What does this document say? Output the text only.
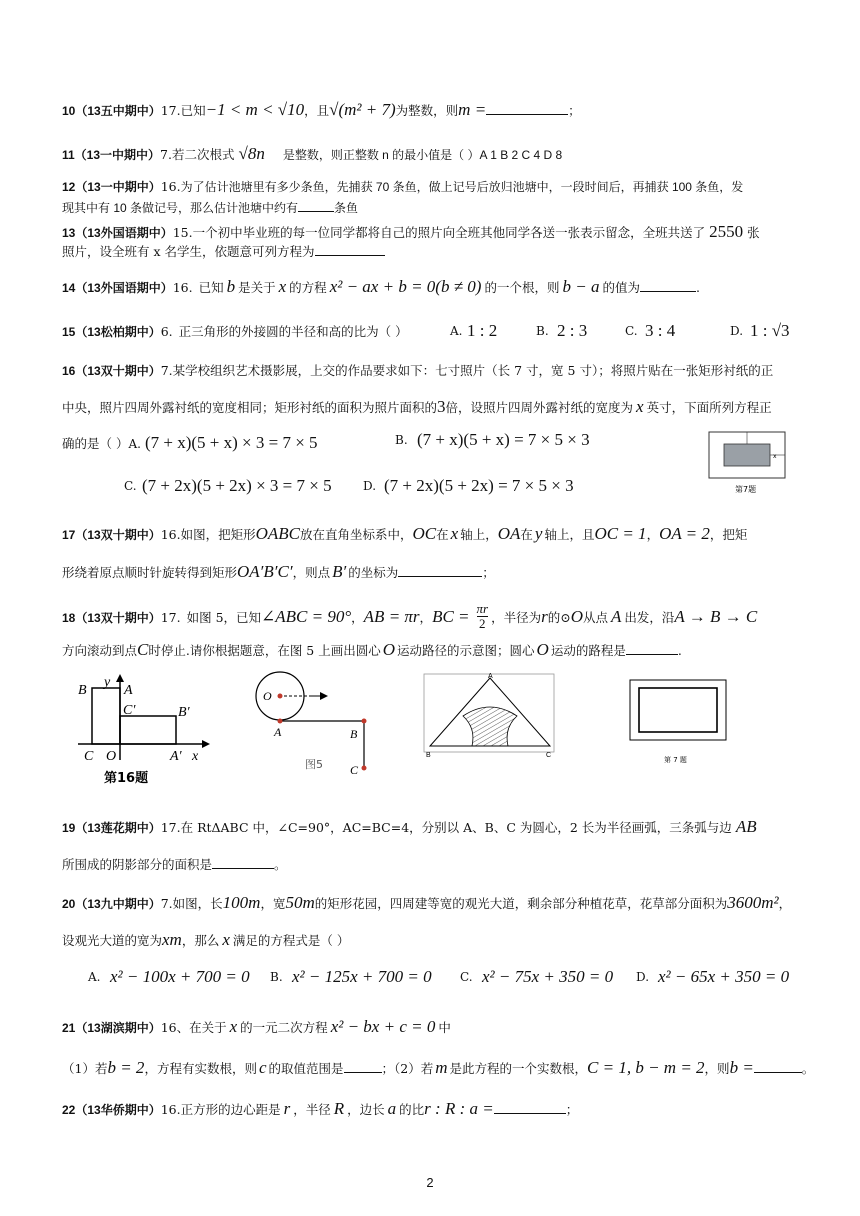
10（13五中期中）17.已知−1 < m < √10，且√(m² + 7)为整数，则m =	；
11（13一中期中）7.若二次根式 √8n 是整数，则正整数 n 的最小值是（ ）A 1 B 2 C 4 D 8
12（13一中期中）16.为了估计池塘里有多少条鱼，先捕获 70 条鱼，做上记号后放归池塘中，一段时间后，再捕获 100 条鱼，发
现其中有 10 条做记号，那么估计池塘中约有	条鱼
13（13外国语期中）15.一个初中毕业班的每一位同学都将自己的照片向全班其他同学各送一张表示留念，全班共送了 2550 张
照片，设全班有 x 名学生，依题意可列方程为
14（13外国语期中）16. 已知 b 是关于 x 的方程 x² − ax + b = 0(b ≠ 0) 的一个根，则 b − a 的值为	.
15（13松柏期中）6. 正三角形的外接圆的半径和高的比为（ ）	A. 1 : 2	B. 2 : 3	C. 3 : 4	D. 1 : √3
16（13双十期中）7.某学校组织艺术摄影展，上交的作品要求如下：七寸照片（长 7 寸，宽 5 寸）；将照片贴在一张矩形衬纸的正
中央，照片四周外露衬纸的宽度相同；矩形衬纸的面积为照片面积的3倍，设照片四周外露衬纸的宽度为 x 英寸，下面所列方程正
确的是（ ）A. (7 + x)(5 + x) × 3 = 7 × 5	B. (7 + x)(5 + x) = 7 × 5 × 3
C. (7 + 2x)(5 + 2x) × 3 = 7 × 5	D. (7 + 2x)(5 + 2x) = 7 × 5 × 3
x
第7题
17（13双十期中）16.如图，把矩形OABC放在直角坐标系中，OC在 x 轴上，OA在 y 轴上，且OC = 1，OA = 2，把矩
形绕着原点顺时针旋转得到矩形OA′B′C′，则点 B′ 的坐标为	；
18（13双十期中）17. 如图 5，已知∠ABC = 90°，AB = πr，BC = $\frac{\pi r}{2}$ ，半径为r的⊙O从点 A 出发，沿A → B → C
方向滚动到点C时停止.请你根据题意，在图 5 上画出圆心 O 运动路径的示意图；圆心 O 运动的路程是	.
B	A
y
C′	B′
C O	A′ x
第16题
O
A	B
C
图5
A
B	C
第 7 题
19（13莲花期中）17.在 RtΔABC 中，∠C=90°，AC=BC=4，分别以 A、B、C 为圆心，2 长为半径画弧，三条弧与边 AB
所围成的阴影部分的面积是	。
20（13九中期中）7.如图，长100m，宽50m的矩形花园，四周建等宽的观光大道，剩余部分种植花草，花草部分面积为3600m²，
设观光大道的宽为xm，那么 x 满足的方程式是（ ）
A. x² − 100x + 700 = 0 B. x² − 125x + 700 = 0 C. x² − 75x + 350 = 0 D. x² − 65x + 350 = 0
21（13湖滨期中）16、在关于 x 的一元二次方程 x² − bx + c = 0 中
（1）若b = 2，方程有实数根，则 c 的取值范围是	；（2）若 m 是此方程的一个实数根，C = 1, b − m = 2，则b =	。
22（13华侨期中）16.正方形的边心距是 r ，半径 R ，边长 a 的比r : R : a =	；
2
